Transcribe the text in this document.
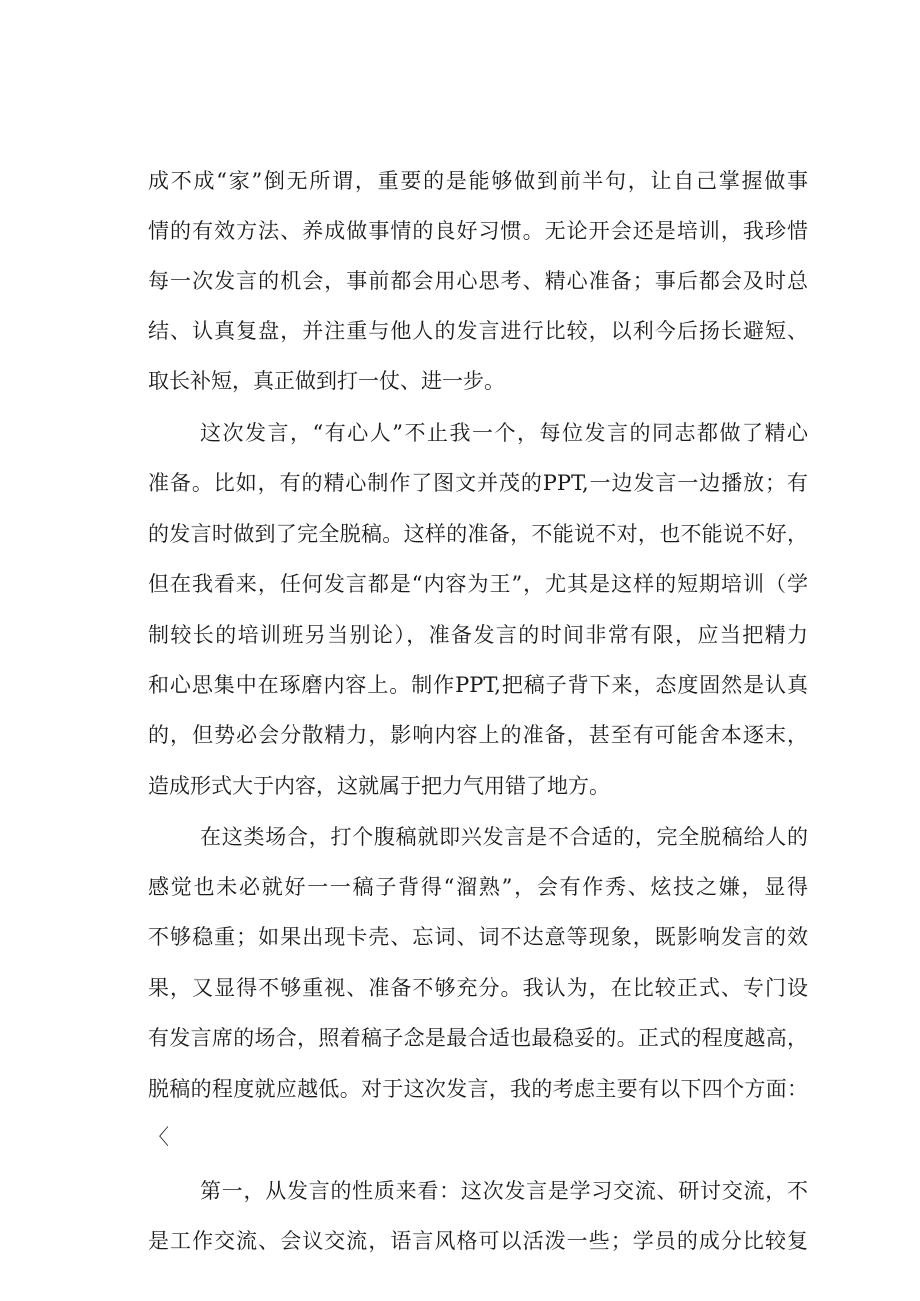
成不成“家”倒无所谓，重要的是能够做到前半句，让自己掌握做事
情的有效方法、养成做事情的良好习惯。无论开会还是培训，我珍惜
每一次发言的机会，事前都会用心思考、精心准备；事后都会及时总
结、认真复盘，并注重与他人的发言进行比较，以利今后扬长避短、
取长补短，真正做到打一仗、进一步。
这次发言，“有心人”不止我一个，每位发言的同志都做了精心
准备。比如，有的精心制作了图文并茂的PPT,一边发言一边播放；有
的发言时做到了完全脱稿。这样的准备，不能说不对，也不能说不好，
但在我看来，任何发言都是“内容为王”，尤其是这样的短期培训（学
制较长的培训班另当别论），准备发言的时间非常有限，应当把精力
和心思集中在琢磨内容上。制作PPT,把稿子背下来，态度固然是认真
的，但势必会分散精力，影响内容上的准备，甚至有可能舍本逐末，
造成形式大于内容，这就属于把力气用错了地方。
在这类场合，打个腹稿就即兴发言是不合适的，完全脱稿给人的
感觉也未必就好一一稿子背得“溜熟”，会有作秀、炫技之嫌，显得
不够稳重；如果出现卡壳、忘词、词不达意等现象，既影响发言的效
果，又显得不够重视、准备不够充分。我认为，在比较正式、专门设
有发言席的场合，照着稿子念是最合适也最稳妥的。正式的程度越高，
脱稿的程度就应越低。对于这次发言，我的考虑主要有以下四个方面：
〈
第一，从发言的性质来看：这次发言是学习交流、研讨交流，不
是工作交流、会议交流，语言风格可以活泼一些；学员的成分比较复
